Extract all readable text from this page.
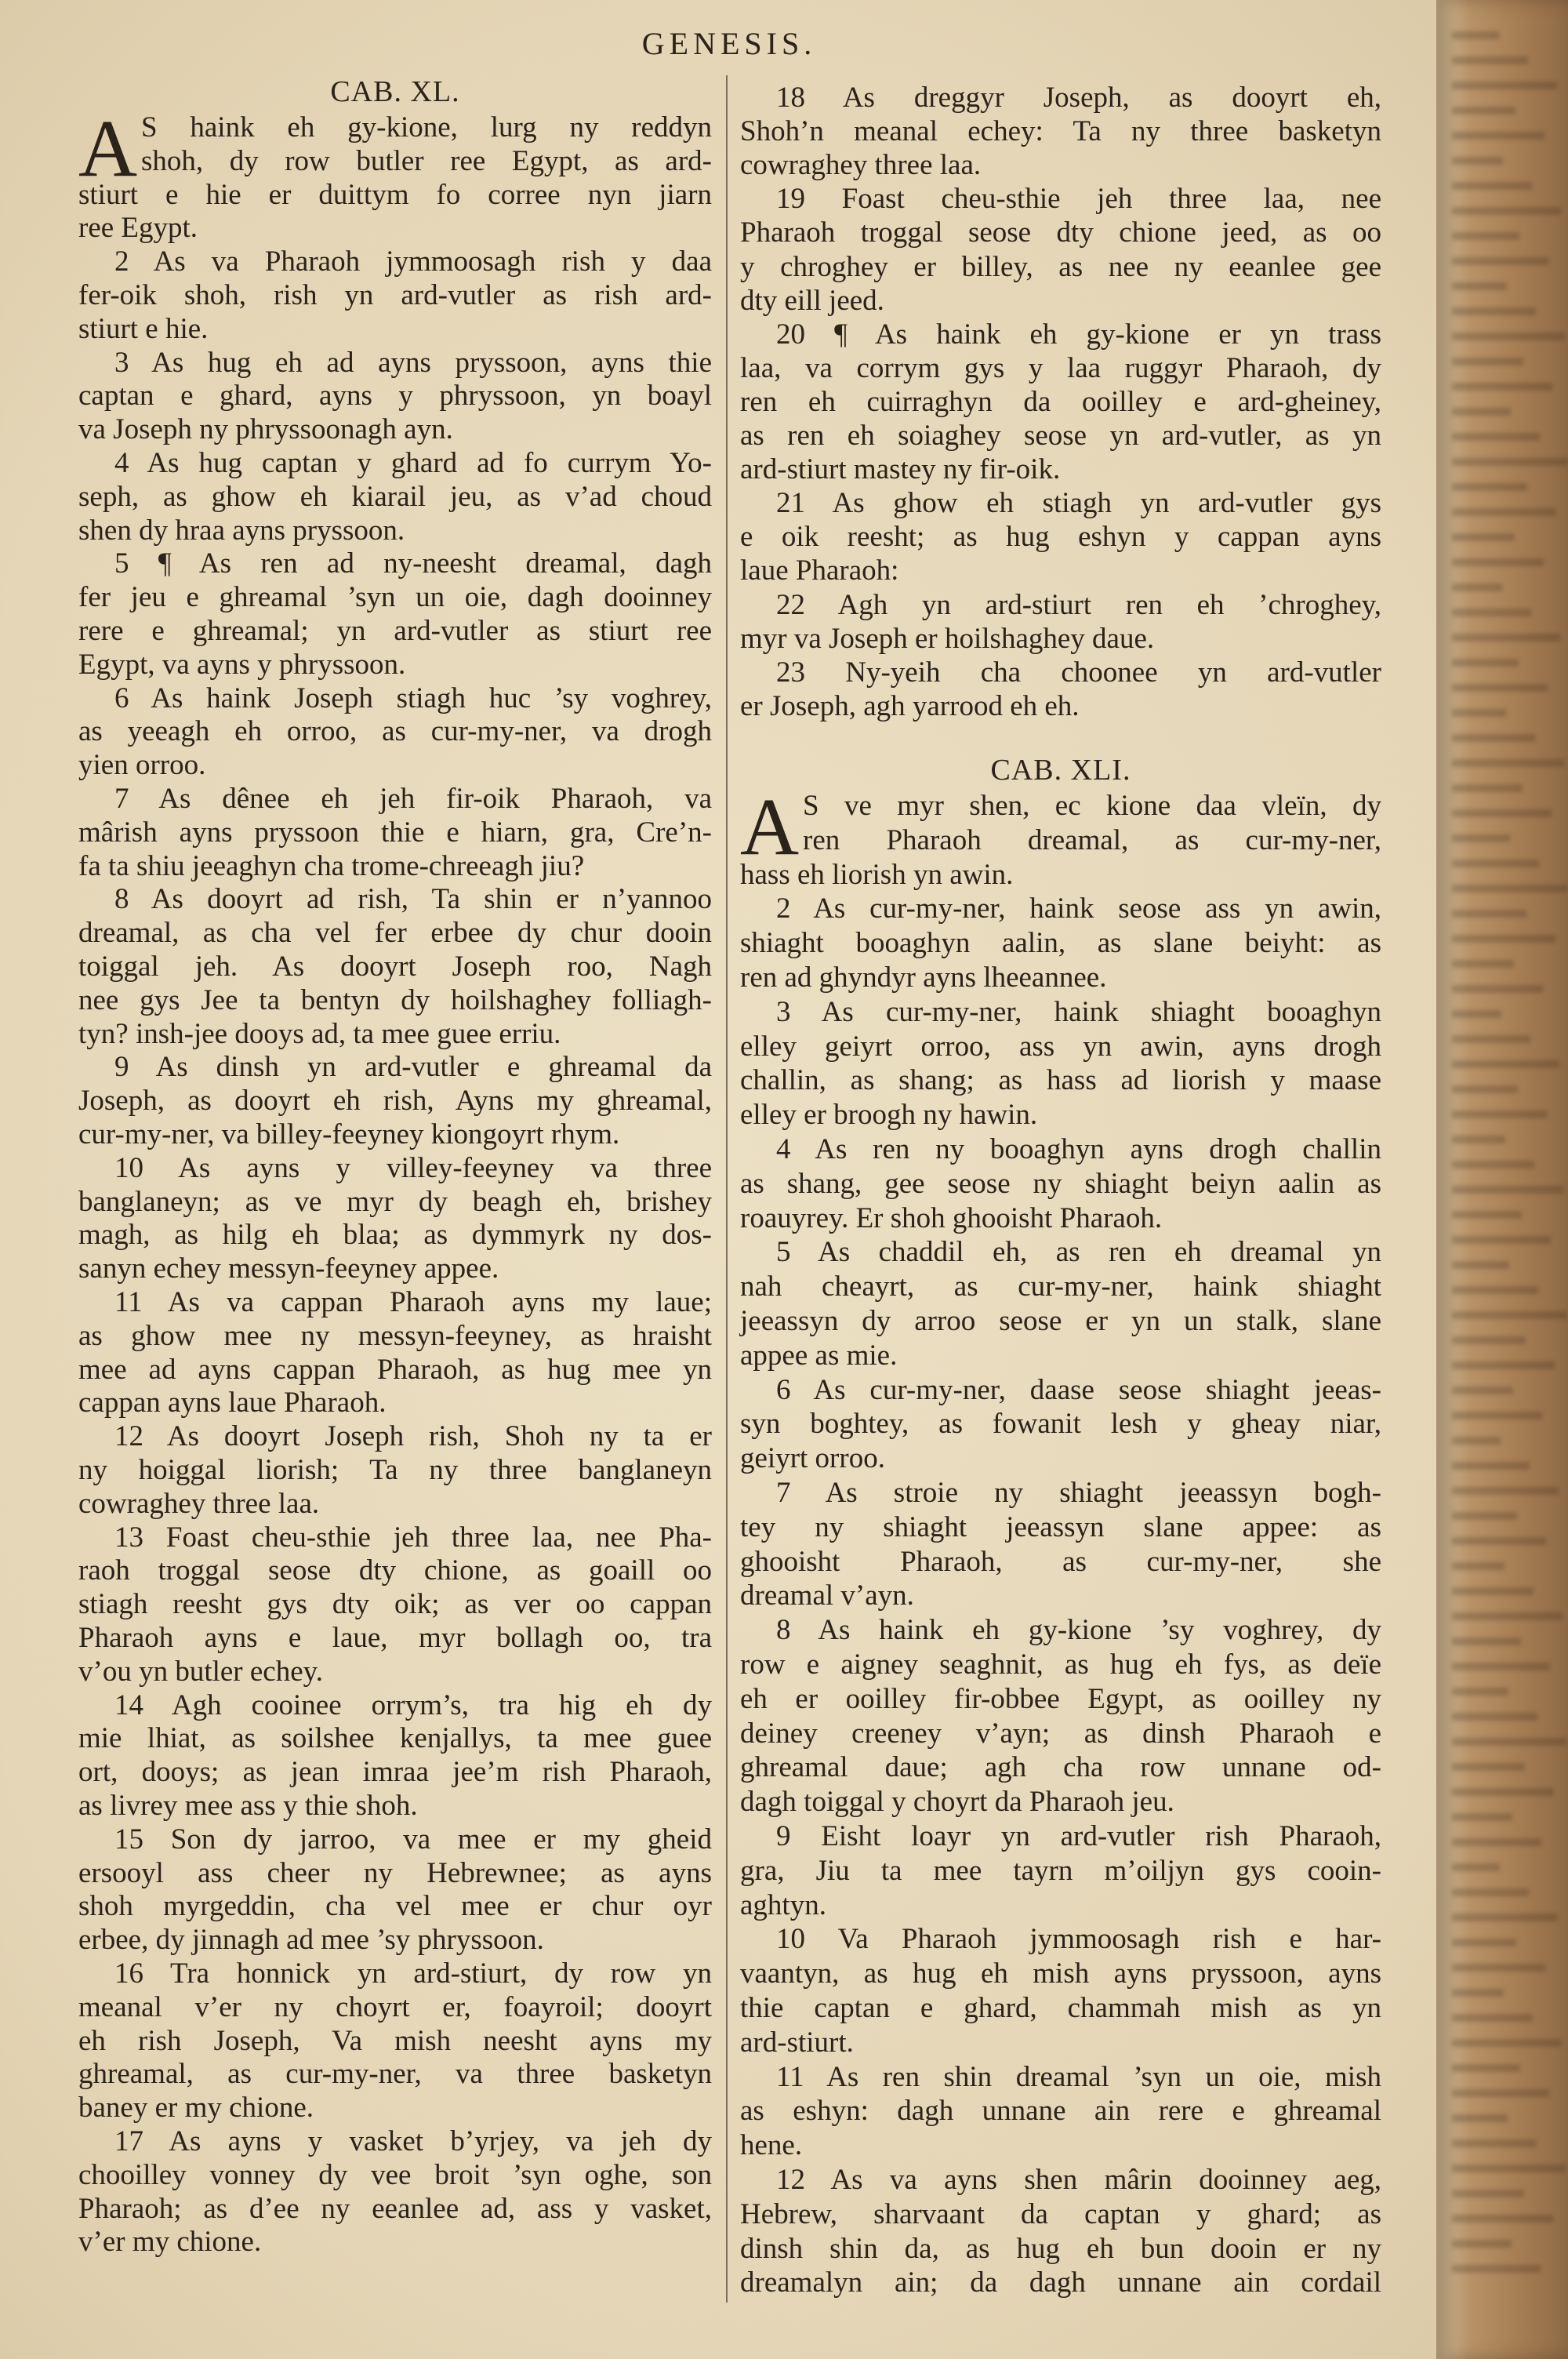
GENESIS.
CAB. XL.
A S haink eh gy-kione, lurg ny reddyn
shoh, dy row butler ree Egypt, as ard-
stiurt e hie er duittym fo corree nyn jiarn
ree Egypt.
2 As va Pharaoh jymmoosagh rish y daa
fer-oik shoh, rish yn ard-vutler as rish ard-
stiurt e hie.
3 As hug eh ad ayns pryssoon, ayns thie
captan e ghard, ayns y phryssoon, yn boayl
va Joseph ny phryssoonagh ayn.
4 As hug captan y ghard ad fo currym Yo-
seph, as ghow eh kiarail jeu, as v’ad choud
shen dy hraa ayns pryssoon.
5 ¶ As ren ad ny-neesht dreamal, dagh
fer jeu e ghreamal ’syn un oie, dagh dooinney
rere e ghreamal; yn ard-vutler as stiurt ree
Egypt, va ayns y phryssoon.
6 As haink Joseph stiagh huc ’sy voghrey,
as yeeagh eh orroo, as cur-my-ner, va drogh
yien orroo.
7 As dênee eh jeh fir-oik Pharaoh, va
mârish ayns pryssoon thie e hiarn, gra, Cre’n-
fa ta shiu jeeaghyn cha trome-chreeagh jiu?
8 As dooyrt ad rish, Ta shin er n’yannoo
dreamal, as cha vel fer erbee dy chur dooin
toiggal jeh. As dooyrt Joseph roo, Nagh
nee gys Jee ta bentyn dy hoilshaghey folliagh-
tyn? insh-jee dooys ad, ta mee guee erriu.
9 As dinsh yn ard-vutler e ghreamal da
Joseph, as dooyrt eh rish, Ayns my ghreamal,
cur-my-ner, va billey-feeyney kiongoyrt rhym.
10 As ayns y villey-feeyney va three
banglaneyn; as ve myr dy beagh eh, brishey
magh, as hilg eh blaa; as dymmyrk ny dos-
sanyn echey messyn-feeyney appee.
11 As va cappan Pharaoh ayns my laue;
as ghow mee ny messyn-feeyney, as hraisht
mee ad ayns cappan Pharaoh, as hug mee yn
cappan ayns laue Pharaoh.
12 As dooyrt Joseph rish, Shoh ny ta er
ny hoiggal liorish; Ta ny three banglaneyn
cowraghey three laa.
13 Foast cheu-sthie jeh three laa, nee Pha-
raoh troggal seose dty chione, as goaill oo
stiagh reesht gys dty oik; as ver oo cappan
Pharaoh ayns e laue, myr bollagh oo, tra
v’ou yn butler echey.
14 Agh cooinee orrym’s, tra hig eh dy
mie lhiat, as soilshee kenjallys, ta mee guee
ort, dooys; as jean imraa jee’m rish Pharaoh,
as livrey mee ass y thie shoh.
15 Son dy jarroo, va mee er my gheid
ersooyl ass cheer ny Hebrewnee; as ayns
shoh myrgeddin, cha vel mee er chur oyr
erbee, dy jinnagh ad mee ’sy phryssoon.
16 Tra honnick yn ard-stiurt, dy row yn
meanal v’er ny choyrt er, foayroil; dooyrt
eh rish Joseph, Va mish neesht ayns my
ghreamal, as cur-my-ner, va three basketyn
baney er my chione.
17 As ayns y vasket b’yrjey, va jeh dy
chooilley vonney dy vee broit ’syn oghe, son
Pharaoh; as d’ee ny eeanlee ad, ass y vasket,
v’er my chione.
18 As dreggyr Joseph, as dooyrt eh,
Shoh’n meanal echey: Ta ny three basketyn
cowraghey three laa.
19 Foast cheu-sthie jeh three laa, nee
Pharaoh troggal seose dty chione jeed, as oo
y chroghey er billey, as nee ny eeanlee gee
dty eill jeed.
20 ¶ As haink eh gy-kione er yn trass
laa, va corrym gys y laa ruggyr Pharaoh, dy
ren eh cuirraghyn da ooilley e ard-gheiney,
as ren eh soiaghey seose yn ard-vutler, as yn
ard-stiurt mastey ny fir-oik.
21 As ghow eh stiagh yn ard-vutler gys
e oik reesht; as hug eshyn y cappan ayns
laue Pharaoh:
22 Agh yn ard-stiurt ren eh ’chroghey,
myr va Joseph er hoilshaghey daue.
23 Ny-yeih cha choonee yn ard-vutler
er Joseph, agh yarrood eh eh.
CAB. XLI.
A S ve myr shen, ec kione daa vleïn, dy
ren Pharaoh dreamal, as cur-my-ner,
hass eh liorish yn awin.
2 As cur-my-ner, haink seose ass yn awin,
shiaght booaghyn aalin, as slane beiyht: as
ren ad ghyndyr ayns lheeannee.
3 As cur-my-ner, haink shiaght booaghyn
elley geiyrt orroo, ass yn awin, ayns drogh
challin, as shang; as hass ad liorish y maase
elley er broogh ny hawin.
4 As ren ny booaghyn ayns drogh challin
as shang, gee seose ny shiaght beiyn aalin as
roauyrey. Er shoh ghooisht Pharaoh.
5 As chaddil eh, as ren eh dreamal yn
nah cheayrt, as cur-my-ner, haink shiaght
jeeassyn dy arroo seose er yn un stalk, slane
appee as mie.
6 As cur-my-ner, daase seose shiaght jeeas-
syn boghtey, as fowanit lesh y gheay niar,
geiyrt orroo.
7 As stroie ny shiaght jeeassyn bogh-
tey ny shiaght jeeassyn slane appee: as
ghooisht Pharaoh, as cur-my-ner, she
dreamal v’ayn.
8 As haink eh gy-kione ’sy voghrey, dy
row e aigney seaghnit, as hug eh fys, as deïe
eh er ooilley fir-obbee Egypt, as ooilley ny
deiney creeney v’ayn; as dinsh Pharaoh e
ghreamal daue; agh cha row unnane od-
dagh toiggal y choyrt da Pharaoh jeu.
9 Eisht loayr yn ard-vutler rish Pharaoh,
gra, Jiu ta mee tayrn m’oiljyn gys cooin-
aghtyn.
10 Va Pharaoh jymmoosagh rish e har-
vaantyn, as hug eh mish ayns pryssoon, ayns
thie captan e ghard, chammah mish as yn
ard-stiurt.
11 As ren shin dreamal ’syn un oie, mish
as eshyn: dagh unnane ain rere e ghreamal
hene.
12 As va ayns shen mârin dooinney aeg,
Hebrew, sharvaant da captan y ghard; as
dinsh shin da, as hug eh bun dooin er ny
dreamalyn ain; da dagh unnane ain cordail
